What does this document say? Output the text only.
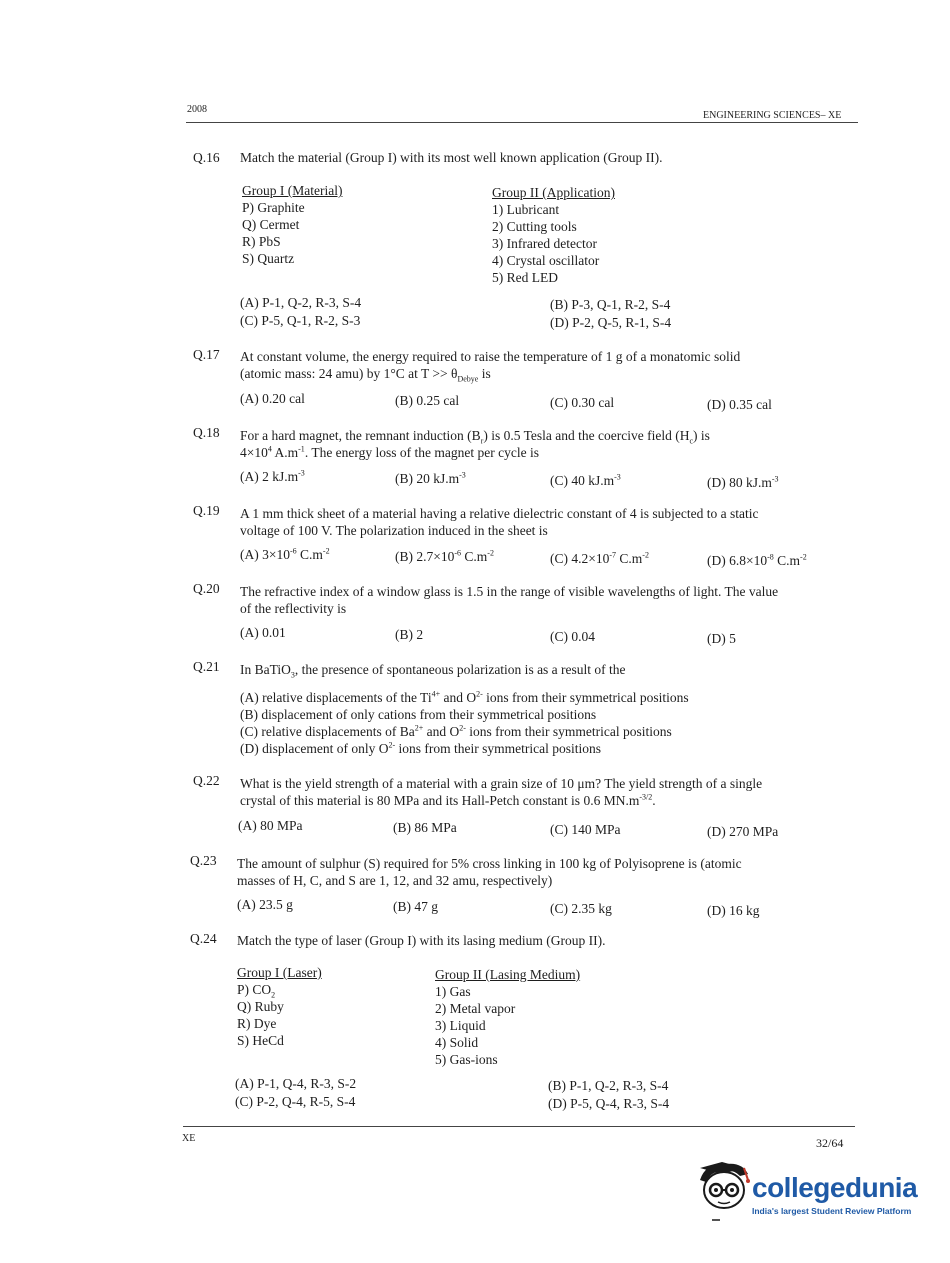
2008
ENGINEERING SCIENCES– XE
Q.16 Match the material (Group I) with its most well known application (Group II).
Group I (Material)
P) Graphite
Q) Cermet
R) PbS
S) Quartz
Group II (Application)
1) Lubricant
2) Cutting tools
3) Infrared detector
4) Crystal oscillator
5) Red LED
(A) P-1, Q-2, R-3, S-4	(B) P-3, Q-1, R-2, S-4
(C) P-5, Q-1, R-2, S-3	(D) P-2, Q-5, R-1, S-4
Q.17 At constant volume, the energy required to raise the temperature of 1 g of a monatomic solid
(atomic mass: 24 amu) by 1°C at $T >> \theta_{Debye}$ is
(A) 0.20 cal	(B) 0.25 cal	(C) 0.30 cal	(D) 0.35 cal
Q.18 For a hard magnet, the remnant induction $(B_r)$ is 0.5 Tesla and the coercive field $(H_c)$ is
$4\times 10^4$ $A.m^{-1}$. The energy loss of the magnet per cycle is
(A) 2 $kJ.m^{-3}$	(B) 20 $kJ.m^{-3}$	(C) 40 $kJ.m^{-3}$	(D) 80 $kJ.m^{-3}$
Q.19 A 1 mm thick sheet of a material having a relative dielectric constant of 4 is subjected to a static
voltage of 100 V. The polarization induced in the sheet is
(A) $3\times 10^{-6}$ $C.m^{-2}$	(B) $2.7\times 10^{-6}$ $C.m^{-2}$	(C) $4.2\times 10^{-7}$ $C.m^{-2}$	(D) $6.8\times 10^{-8}$ $C.m^{-2}$
Q.20 The refractive index of a window glass is 1.5 in the range of visible wavelengths of light. The value
of the reflectivity is
(A) 0.01	(B) 2	(C) 0.04	(D) 5
Q.21 In BaTiO$_3$, the presence of spontaneous polarization is as a result of the
(A) relative displacements of the $Ti^{4+}$ and $O^{2-}$ ions from their symmetrical positions
(B) displacement of only cations from their symmetrical positions
(C) relative displacements of $Ba^{2+}$ and $O^{2-}$ ions from their symmetrical positions
(D) displacement of only $O^{2-}$ ions from their symmetrical positions
Q.22 What is the yield strength of a material with a grain size of 10 μm? The yield strength of a single
crystal of this material is 80 MPa and its Hall-Petch constant is 0.6 $MN.m^{-3/2}$.
(A) 80 MPa	(B) 86 MPa	(C) 140 MPa	(D) 270 MPa
Q.23 The amount of sulphur (S) required for 5% cross linking in 100 kg of Polyisoprene is (atomic
masses of H, C, and S are 1, 12, and 32 amu, respectively)
(A) 23.5 g	(B) 47 g	(C) 2.35 kg	(D) 16 kg
Q.24 Match the type of laser (Group I) with its lasing medium (Group II).
Group I (Laser)
P) $CO_2$
Q) Ruby
R) Dye
S) HeCd
Group II (Lasing Medium)
1) Gas
2) Metal vapor
3) Liquid
4) Solid
5) Gas-ions
(A) P-1, Q-4, R-3, S-2	(B) P-1, Q-2, R-3, S-4
(C) P-2, Q-4, R-5, S-4	(D) P-5, Q-4, R-3, S-4
XE	32/64
collegedunia
India's largest Student Review Platform
